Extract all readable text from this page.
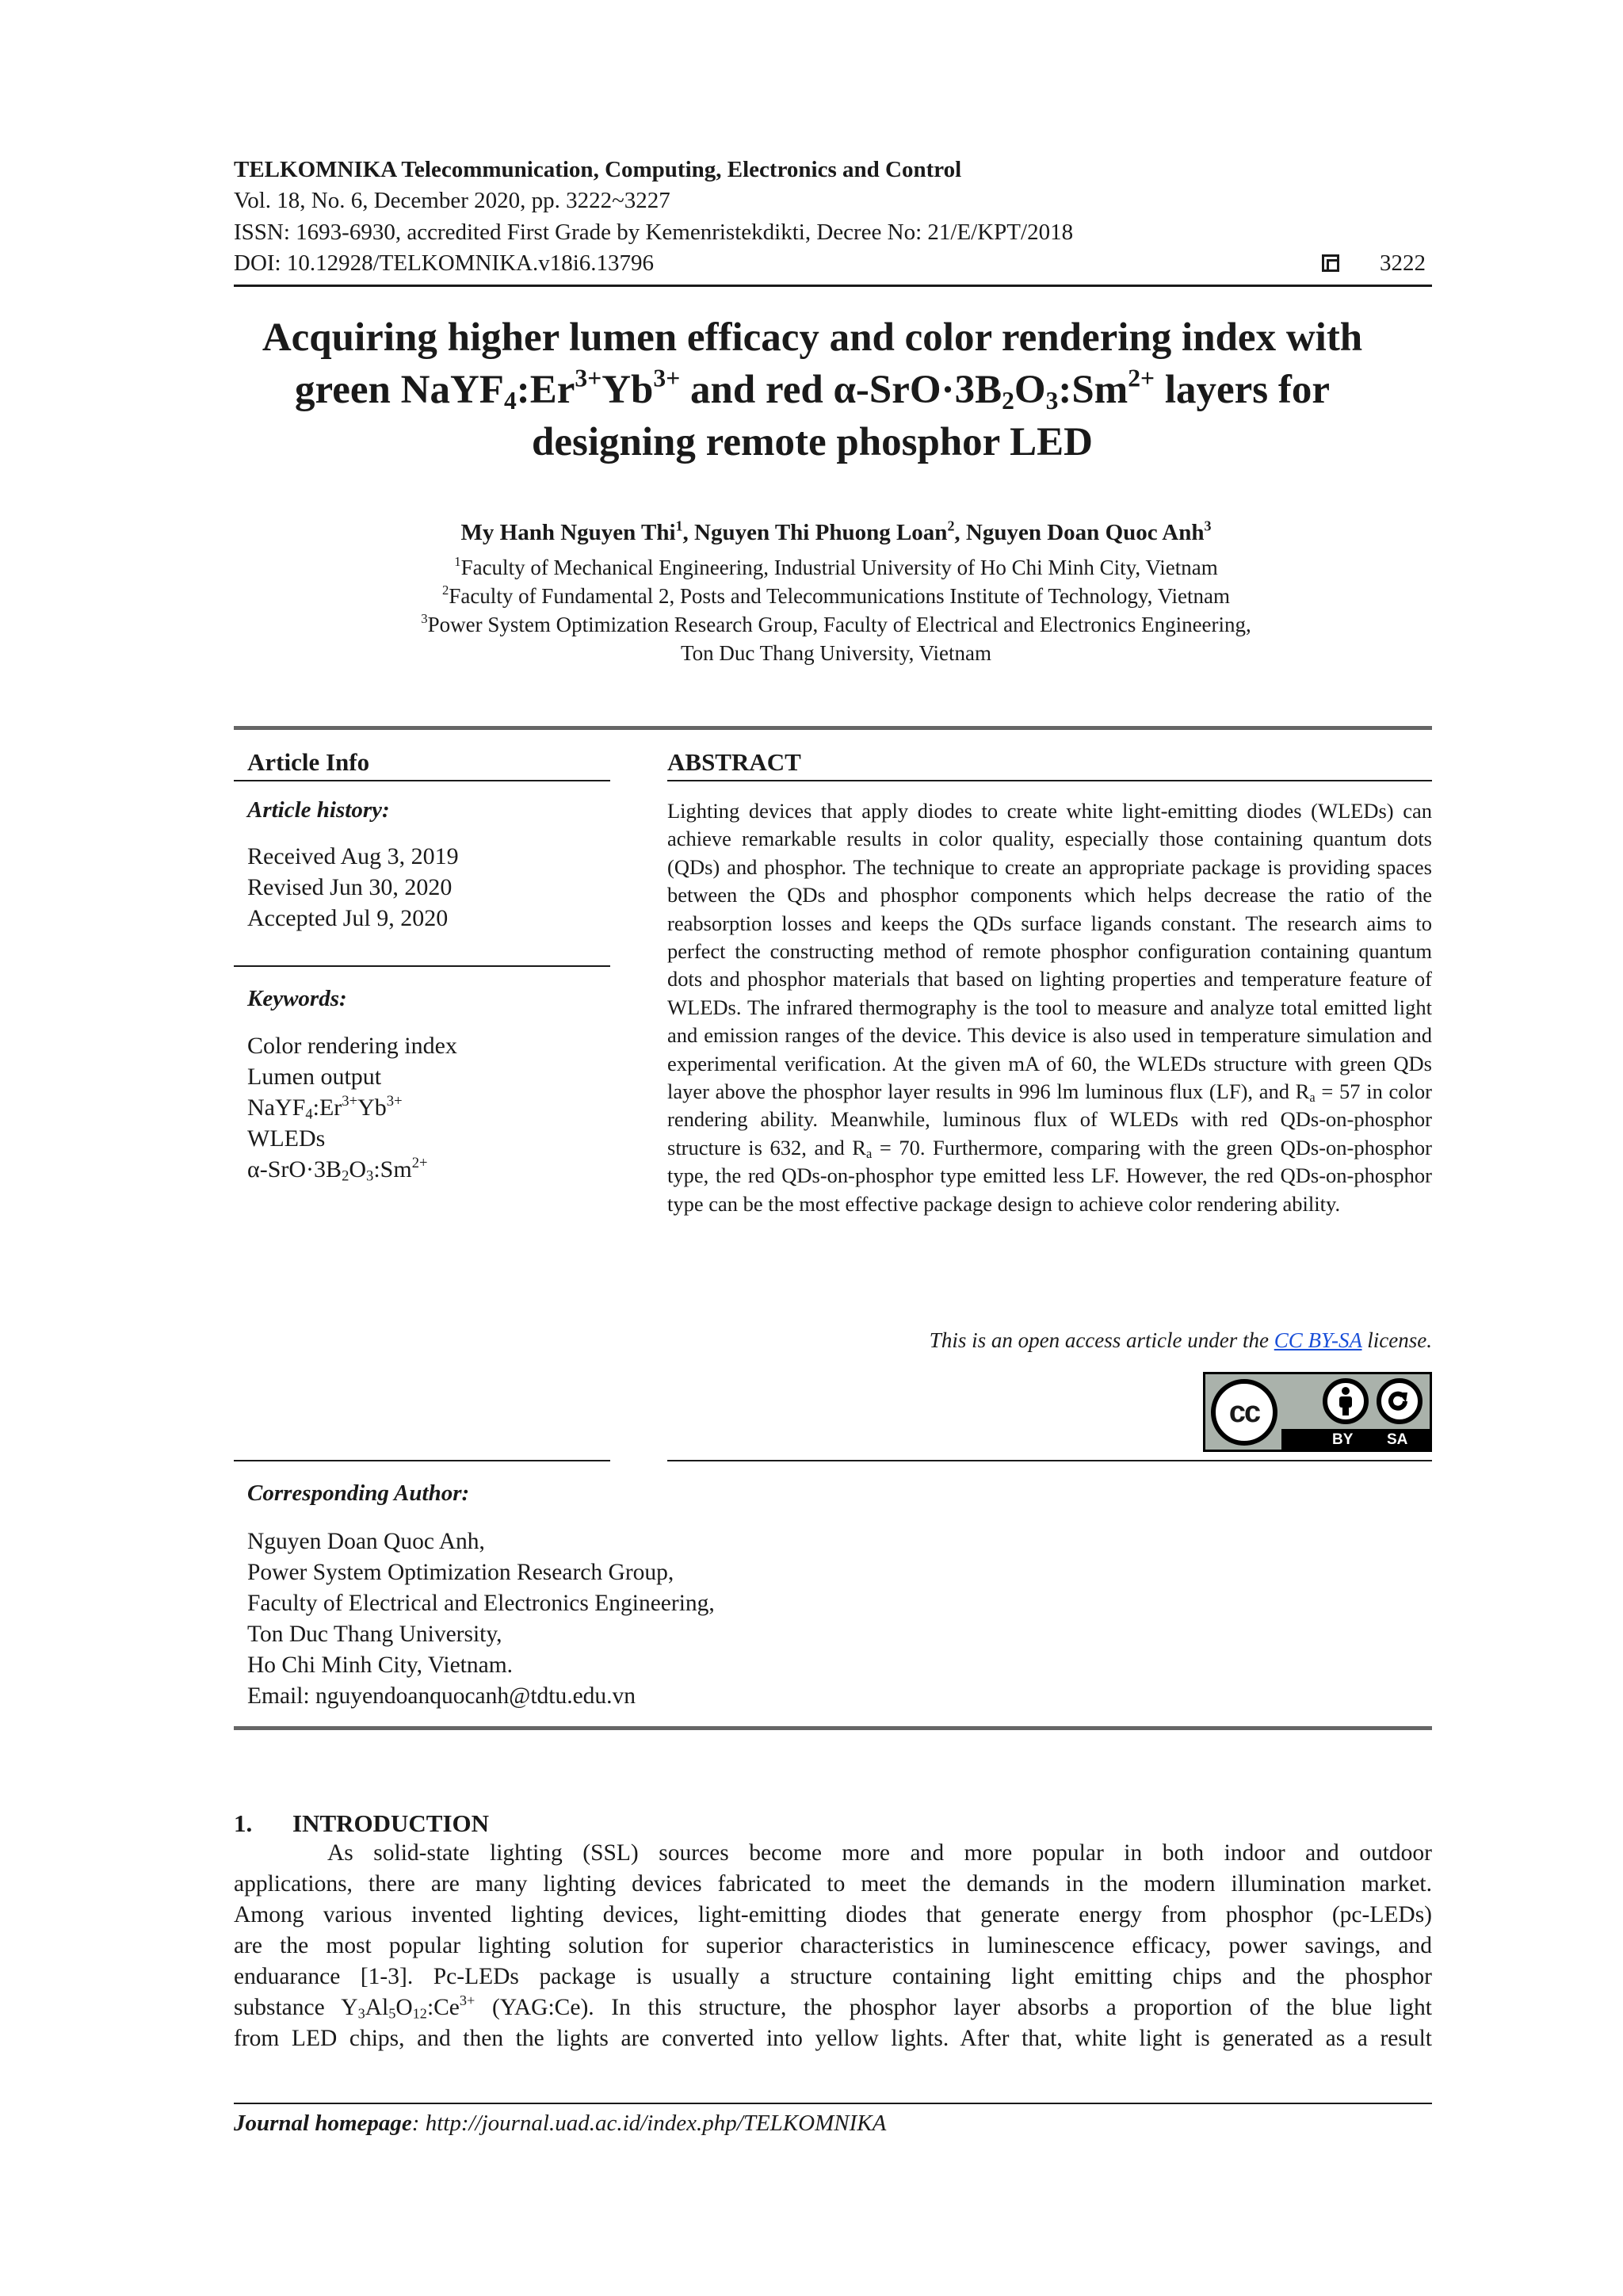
TELKOMNIKA Telecommunication, Computing, Electronics and Control
Vol. 18, No. 6, December 2020, pp. 3222~3227
ISSN: 1693-6930, accredited First Grade by Kemenristekdikti, Decree No: 21/E/KPT/2018
DOI: 10.12928/TELKOMNIKA.v18i6.13796	3222
Acquiring higher lumen efficacy and color rendering index with
green $NaYF_4:Er^{3+}Yb^{3+}$ and red $\alpha-SrO\cdot 3B_2O_3:Sm^{2+}$ layers for
designing remote phosphor LED
My Hanh Nguyen Thi$^1$, Nguyen Thi Phuong Loan$^2$, Nguyen Doan Quoc Anh$^3$
$^1$Faculty of Mechanical Engineering, Industrial University of Ho Chi Minh City, Vietnam
$^2$Faculty of Fundamental 2, Posts and Telecommunications Institute of Technology, Vietnam
$^3$Power System Optimization Research Group, Faculty of Electrical and Electronics Engineering,
Ton Duc Thang University, Vietnam
Article Info
Article history:
Received Aug 3, 2019
Revised Jun 30, 2020
Accepted Jul 9, 2020
Keywords:
Color rendering index
Lumen output
$NaYF_4:Er^{3+}Yb^{3+}$
WLEDs
$\alpha-SrO\cdot 3B_2O_3:Sm^{2+}$
ABSTRACT
Lighting devices that apply diodes to create white light-emitting diodes (WLEDs) can achieve remarkable results in color quality, especially those containing quantum dots (QDs) and phosphor. The technique to create an appropriate package is providing spaces between the QDs and phosphor components which helps decrease the ratio of the reabsorption losses and keeps the QDs surface ligands constant. The research aims to perfect the constructing method of remote phosphor configuration containing quantum dots and phosphor materials that based on lighting properties and temperature feature of WLEDs. The infrared thermography is the tool to measure and analyze total emitted light and emission ranges of the device. This device is also used in temperature simulation and experimental verification. At the given mA of 60, the WLEDs structure with green QDs layer above the phosphor layer results in 996 lm luminous flux (LF), and $R_a = 57$ in color rendering ability. Meanwhile, luminous flux of WLEDs with red QDs-on-phosphor structure is 632, and $R_a = 70$. Furthermore, comparing with the green QDs-on-phosphor type, the red QDs-on-phosphor type emitted less LF. However, the red QDs-on-phosphor type can be the most effective package design to achieve color rendering ability.
This is an open access article under the CC BY-SA license.
cc
BY SA
Corresponding Author:
Nguyen Doan Quoc Anh,
Power System Optimization Research Group,
Faculty of Electrical and Electronics Engineering,
Ton Duc Thang University,
Ho Chi Minh City, Vietnam.
Email: nguyendoanquocanh@tdtu.edu.vn
1. INTRODUCTION
As solid-state lighting (SSL) sources become more and more popular in both indoor and outdoor
applications, there are many lighting devices fabricated to meet the demands in the modern illumination market.
Among various invented lighting devices, light-emitting diodes that generate energy from phosphor (pc-LEDs)
are the most popular lighting solution for superior characteristics in luminescence efficacy, power savings, and
enduarance [1-3]. Pc-LEDs package is usually a structure containing light emitting chips and the phosphor
substance $Y_3Al_5O_{12}:Ce^{3+}$ (YAG:Ce). In this structure, the phosphor layer absorbs a proportion of the blue light
from LED chips, and then the lights are converted into yellow lights. After that, white light is generated as a result
Journal homepage: http://journal.uad.ac.id/index.php/TELKOMNIKA
